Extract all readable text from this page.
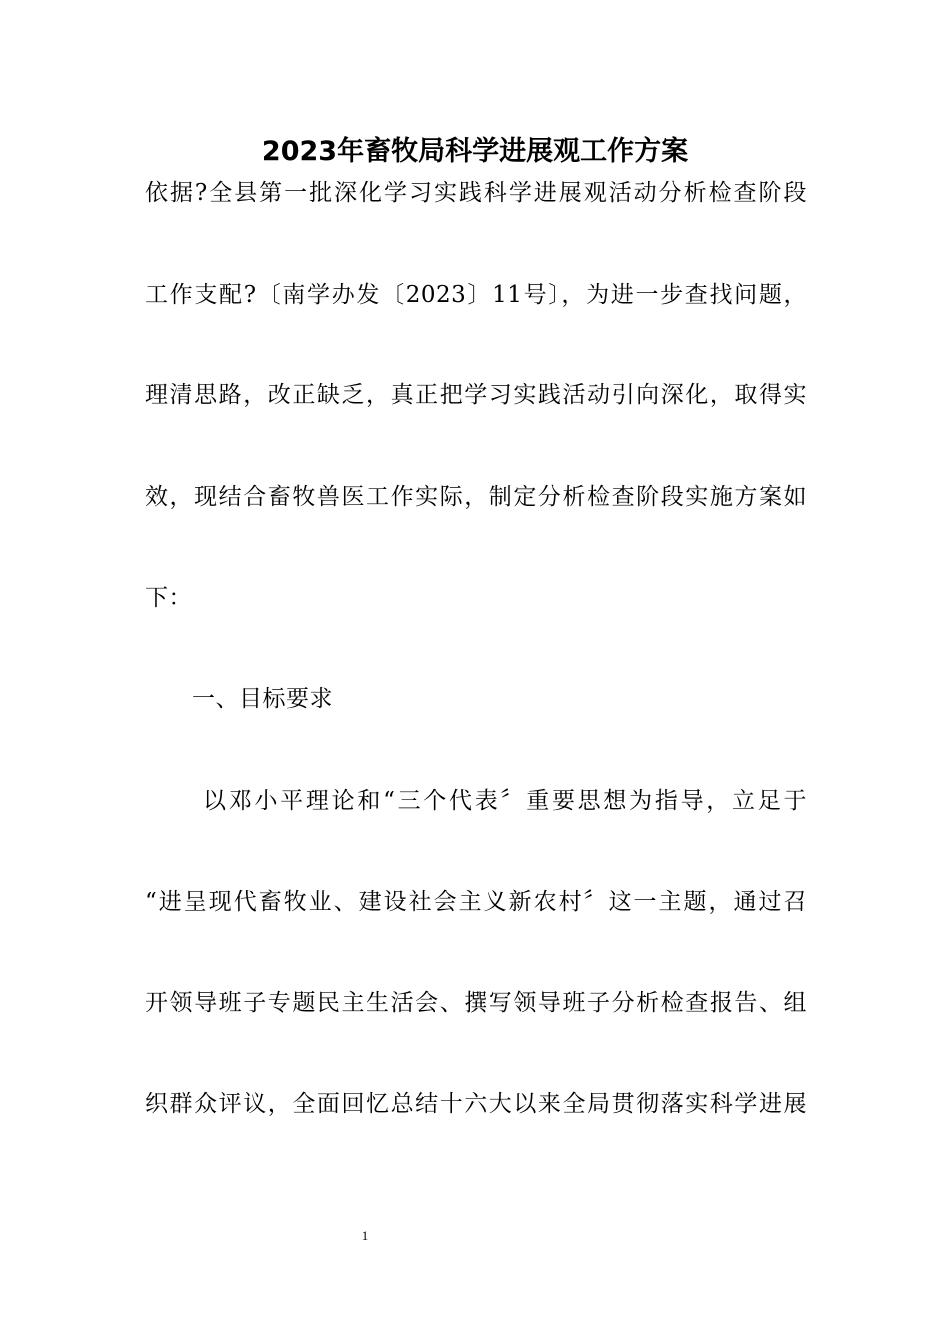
2023年畜牧局科学进展观工作方案

依据?全县第一批深化学习实践科学进展观活动分析检查阶段

工作支配?〔南学办发〔2023〕11号〕，为进一步查找问题，

理清思路，改正缺乏，真正把学习实践活动引向深化，取得实

效，现结合畜牧兽医工作实际，制定分析检查阶段实施方案如

下：

一、目标要求

以邓小平理论和“三个代表〞重要思想为指导，立足于

“进呈现代畜牧业、建设社会主义新农村〞这一主题，通过召

开领导班子专题民主生活会、撰写领导班子分析检查报告、组

织群众评议，全面回忆总结十六大以来全局贯彻落实科学进展

1
